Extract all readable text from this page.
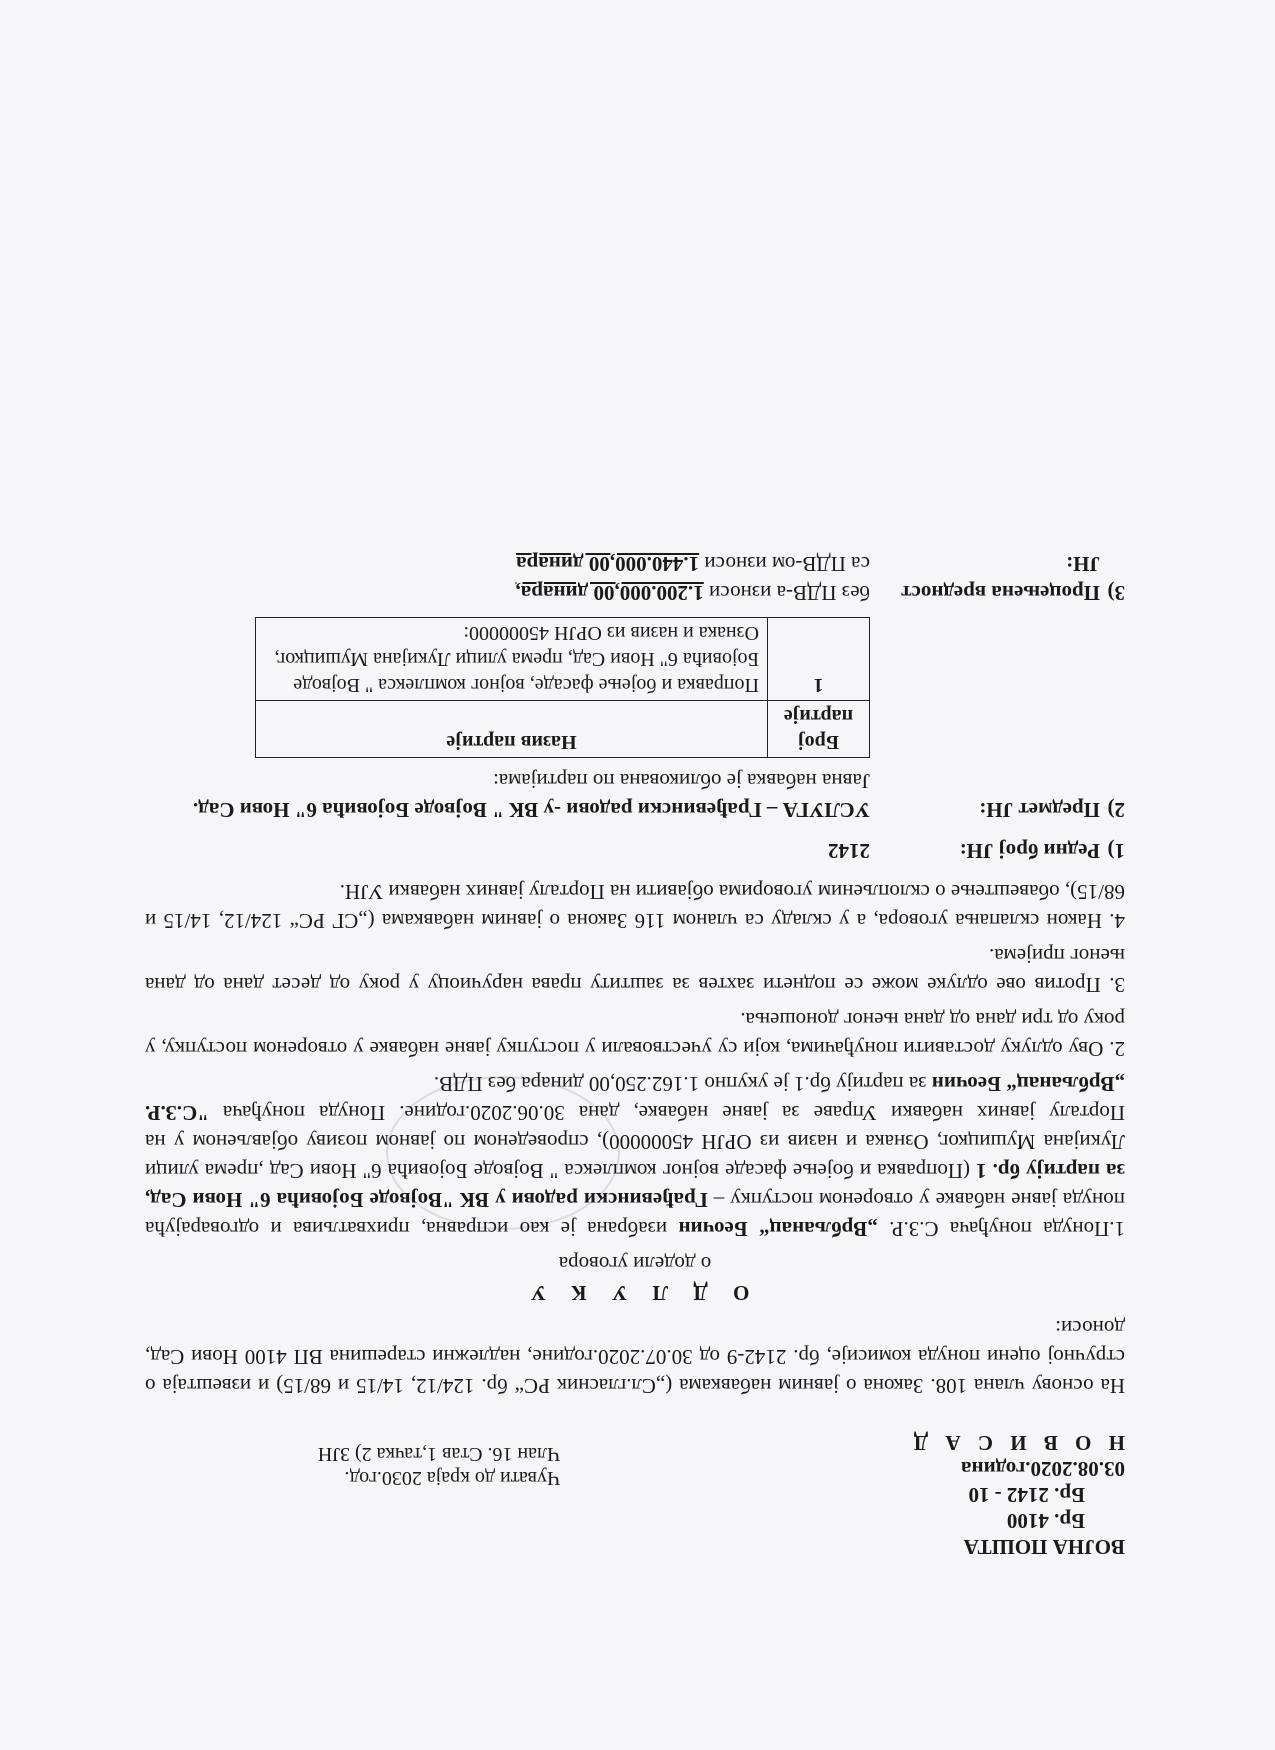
ВОЈНА ПОШТА
Бр. 4100
Бр. 2142 - 10
03.08.2020.година
Н О В И С А Д
Чувати до краја 2030.год.
Члан 16. Став 1,тачка 2) ЗЈН

На основу члана 108. Закона о јавним набавкама („Сл.гласник РС“ бр. 124/12, 14/15 и 68/15) и извештаја о стручној оцени понуда комисије, бр. 2142-9 од 30.07.2020.године, надлежни старешина ВП 4100 Нови Сад, доноси:

О Д Л У К У
о додели уговора

1.Понуда понуђача С.З.Р. „Врбљанац“ Беочин изабрана је као исправна, прихватљива и одговарајућа понуда јавне набавке у отвореном поступку – Грађевински радови у ВК "Војводе Бојовића 6" Нови Сад, за партију бр. 1 (Поправка и бојење фасаде војног комплекса " Војводе Бојовића 6" Нови Сад ,према улици Лукијана Мушицког, Ознака и назив из ОРЈН 45000000), спроведеном по јавном позиву објављеном у на Порталу јавних набавки Управе за јавне набавке, дана 30.06.2020.године. Понуда понуђача "С.З.Р. „Врбљанац“ Беочин за партију бр.1 је укупно 1.162.250,00 динара без ПДВ.

2. Ову одлуку доставити понуђачима, који су учествовали у поступку јавне набавке у отвореном поступку, у року од три дана од дана њеног доношења.

3. Против ове одлуке може се поднети захтев за заштиту права наручиоцу у року од десет дана од дана њеног пријема.

4. Након склапања уговора, а у складу са чланом 116 Закона о јавним набавкама („СГ РС“ 124/12, 14/15 и 68/15), обавештење о склопљеним уговорима објавити на Порталу јавних набавки УЈН.

1)
Редни број ЈН:
2142
2)
Предмет ЈН:
УСЛУГА – Грађевински радови -у ВК " Војводе Бојовића 6" Нови Сад.
Јавна набавка је обликована по партијама:
Број партије	Назив партије
1	Поправка и бојење фасаде, војног комплекса " Војводе Бојовића 6" Нови Сад, према улици Лукијана Мушицког, Ознака и назив из ОРЈН 45000000:
3)
Процењена вредност ЈН:
без ПДВ-а износи 1.200.000,00 динара,
са ПДВ-ом износи 1.440.000,00 динара
